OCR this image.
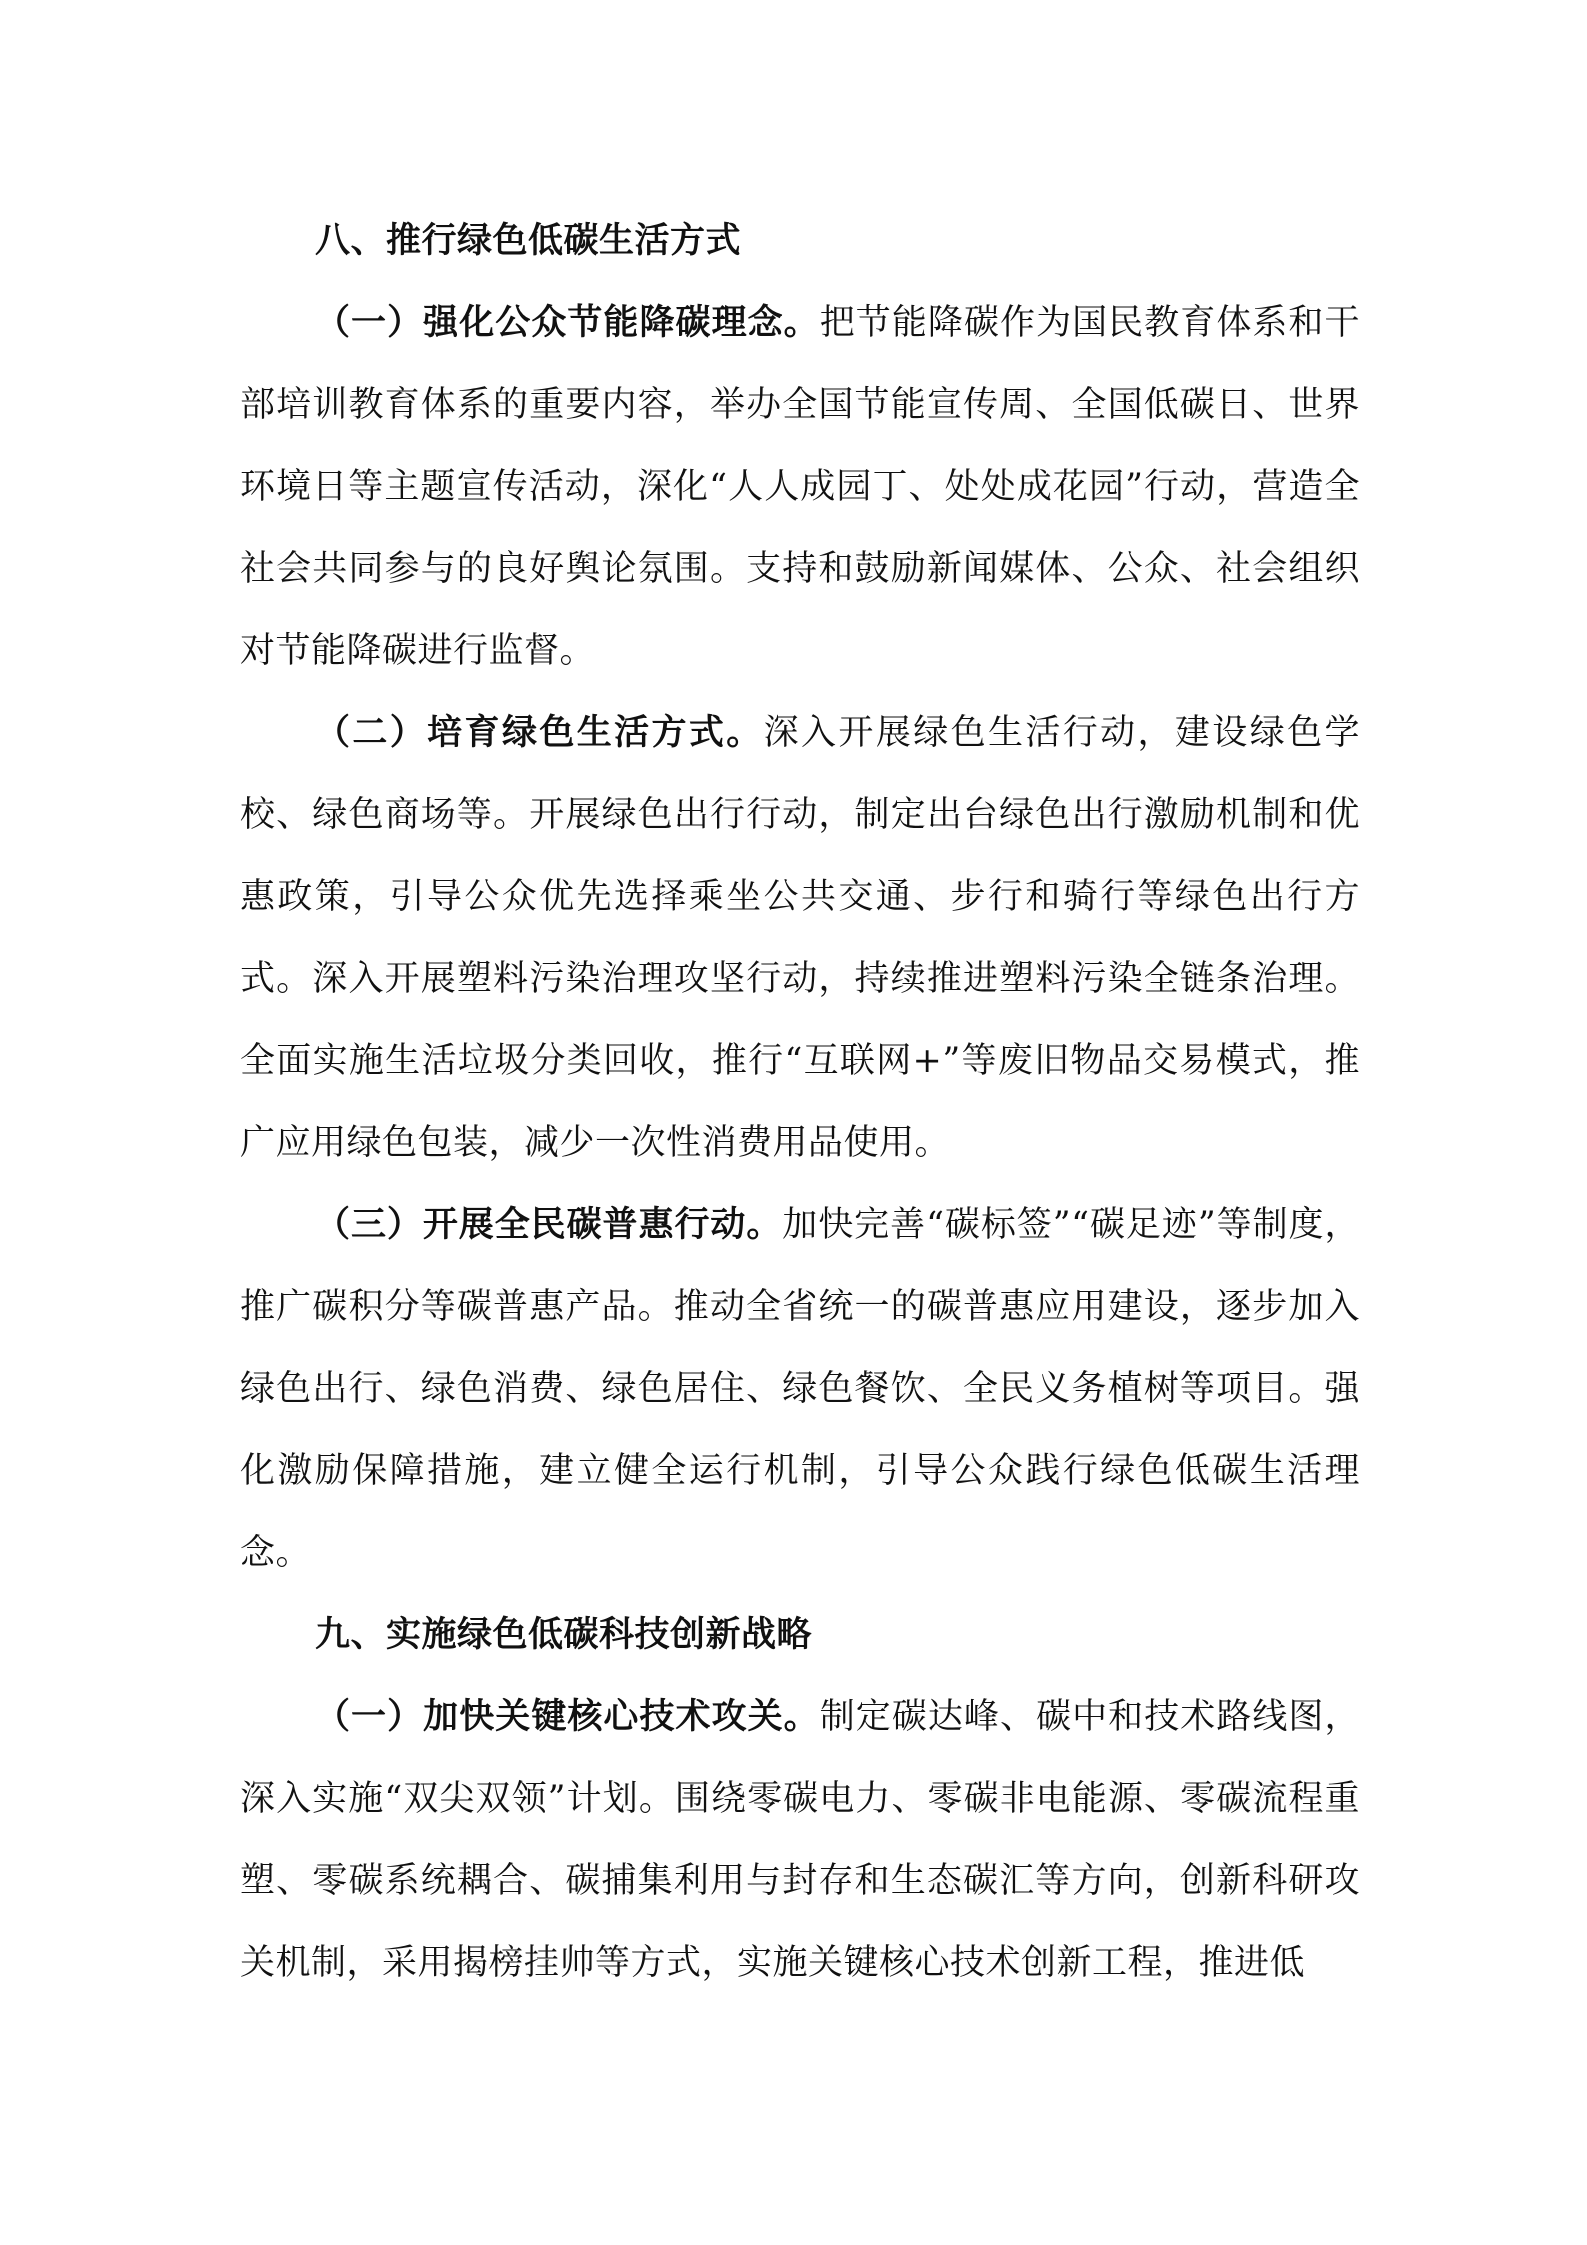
八、推行绿色低碳生活方式

（一）强化公众节能降碳理念。把节能降碳作为国民教育体系和干部培训教育体系的重要内容，举办全国节能宣传周、全国低碳日、世界环境日等主题宣传活动，深化“人人成园丁、处处成花园”行动，营造全社会共同参与的良好舆论氛围。支持和鼓励新闻媒体、公众、社会组织对节能降碳进行监督。

（二）培育绿色生活方式。深入开展绿色生活行动，建设绿色学校、绿色商场等。开展绿色出行行动，制定出台绿色出行激励机制和优惠政策，引导公众优先选择乘坐公共交通、步行和骑行等绿色出行方式。深入开展塑料污染治理攻坚行动，持续推进塑料污染全链条治理。全面实施生活垃圾分类回收，推行“互联网+”等废旧物品交易模式，推广应用绿色包装，减少一次性消费用品使用。

（三）开展全民碳普惠行动。加快完善“碳标签”“碳足迹”等制度，推广碳积分等碳普惠产品。推动全省统一的碳普惠应用建设，逐步加入绿色出行、绿色消费、绿色居住、绿色餐饮、全民义务植树等项目。强化激励保障措施，建立健全运行机制，引导公众践行绿色低碳生活理念。

九、实施绿色低碳科技创新战略

（一）加快关键核心技术攻关。制定碳达峰、碳中和技术路线图，深入实施“双尖双领”计划。围绕零碳电力、零碳非电能源、零碳流程重塑、零碳系统耦合、碳捕集利用与封存和生态碳汇等方向，创新科研攻关机制，采用揭榜挂帅等方式，实施关键核心技术创新工程，推进低
